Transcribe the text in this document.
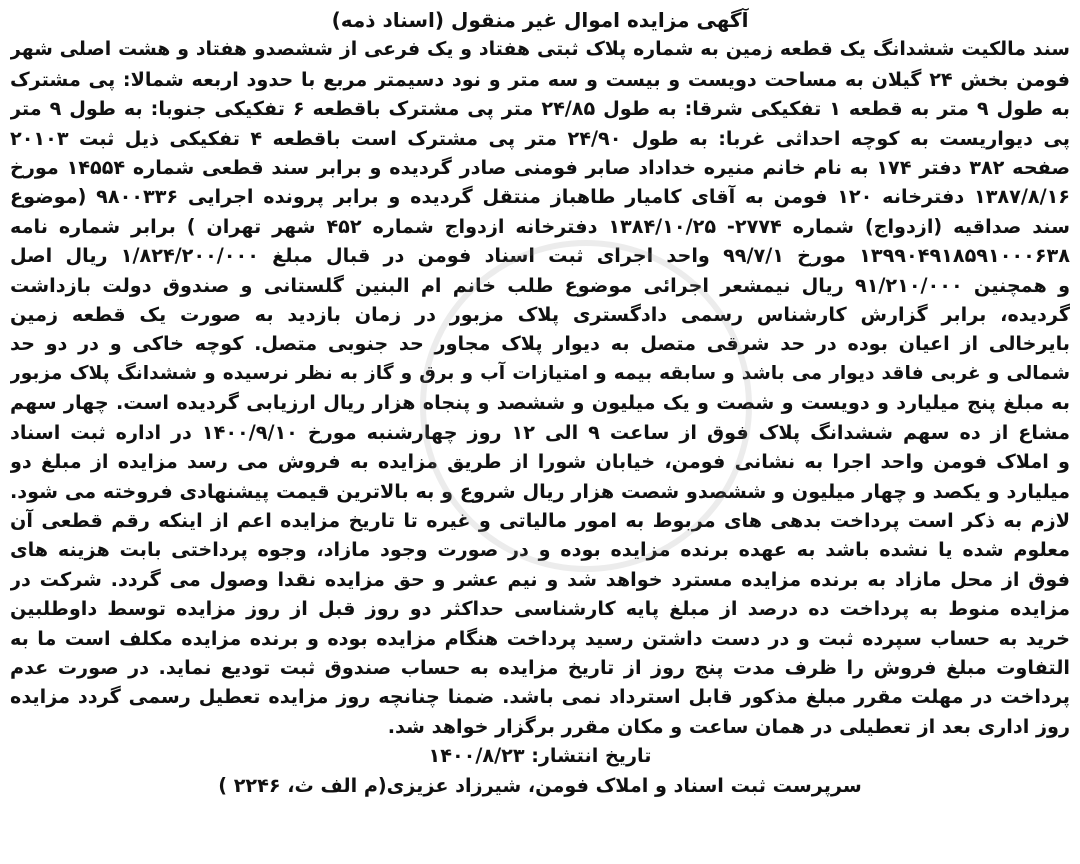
آگهی مزایده اموال غیر منقول (اسناد ذمه)

سند مالکیت ششدانگ یک قطعه زمین به شماره پلاک ثبتی هفتاد و یک فرعی از ششصدو هفتاد و هشت اصلی شهر
فومن بخش ۲۴ گیلان به مساحت دویست و بیست و سه متر و نود دسیمتر مربع با حدود اربعه شمالا: پی مشترک
به طول ۹ متر به قطعه ۱ تفکیکی شرقا: به طول ۲۴/۸۵ متر پی مشترک باقطعه ۶ تفکیکی جنوبا: به طول ۹ متر
پی دیواریست به کوچه احداثی غربا: به طول ۲۴/۹۰ متر پی مشترک است باقطعه ۴ تفکیکی ذیل ثبت ۲۰۱۰۳
صفحه ۳۸۲ دفتر ۱۷۴ به نام خانم منیره خداداد صابر فومنی صادر گردیده و برابر سند قطعی شماره ۱۴۵۵۴ مورخ
۱۳۸۷/۸/۱۶ دفترخانه ۱۲۰ فومن به آقای کامیار طاهباز منتقل گردیده و برابر پرونده اجرایی ۹۸۰۰۳۳۶ (موضوع
سند صداقیه (ازدواج) شماره ۲۷۷۴- ۱۳۸۴/۱۰/۲۵ دفترخانه ازدواج شماره ۴۵۲ شهر تهران ) برابر شماره نامه
۱۳۹۹۰۴۹۱۸۵۹۱۰۰۰۶۳۸ مورخ ۹۹/۷/۱ واحد اجرای ثبت اسناد فومن در قبال مبلغ ۱/۸۲۴/۲۰۰/۰۰۰ ریال اصل
و همچنین ۹۱/۲۱۰/۰۰۰ ریال نیمشعر اجرائی موضوع طلب خانم ام البنین گلستانی و صندوق دولت بازداشت
گردیده، برابر گزارش کارشناس رسمی دادگستری پلاک مزبور در زمان بازدید به صورت یک قطعه زمین
بایرخالی از اعیان بوده در حد شرقی متصل به دیوار پلاک مجاور حد جنوبی متصل. کوچه خاکی و در دو حد
شمالی و غربی فاقد دیوار می باشد و سابقه بیمه و امتیازات آب و برق و گاز به نظر نرسیده و ششدانگ پلاک مزبور
به مبلغ پنج میلیارد و دویست و شصت و یک میلیون و ششصد و پنجاه هزار ریال ارزیابی گردیده است. چهار سهم
مشاع از ده سهم ششدانگ پلاک فوق از ساعت ۹ الی ۱۲ روز چهارشنبه مورخ ۱۴۰۰/۹/۱۰ در اداره ثبت اسناد
و املاک فومن واحد اجرا به نشانی فومن، خیابان شورا از طریق مزایده به فروش می رسد مزایده از مبلغ دو
میلیارد و یکصد و چهار میلیون و ششصدو شصت هزار ریال شروع و به بالاترین قیمت پیشنهادی فروخته می شود.
لازم به ذکر است پرداخت بدهی های مربوط به امور مالیاتی و غیره تا تاریخ مزایده اعم از اینکه رقم قطعی آن
معلوم شده یا نشده باشد به عهده برنده مزایده بوده و در صورت وجود مازاد، وجوه پرداختی بابت هزینه های
فوق از محل مازاد به برنده مزایده مسترد خواهد شد و نیم عشر و حق مزایده نقدا وصول می گردد. شرکت در
مزایده منوط به پرداخت ده درصد از مبلغ پایه کارشناسی حداکثر دو روز قبل از روز مزایده توسط داوطلبین
خرید به حساب سپرده ثبت و در دست داشتن رسید پرداخت هنگام مزایده بوده و برنده مزایده مکلف است ما به
التفاوت مبلغ فروش را ظرف مدت پنج روز از تاریخ مزایده به حساب صندوق ثبت تودیع نماید. در صورت عدم
پرداخت در مهلت مقرر مبلغ مذکور قابل استرداد نمی باشد. ضمنا چنانچه روز مزایده تعطیل رسمی گردد مزایده
روز اداری بعد از تعطیلی در همان ساعت و مکان مقرر برگزار خواهد شد.

تاریخ انتشار: ۱۴۰۰/۸/۲۳

سرپرست ثبت اسناد و املاک فومن، شیرزاد عزیزی(م الف ث، ۲۲۴۶ )
